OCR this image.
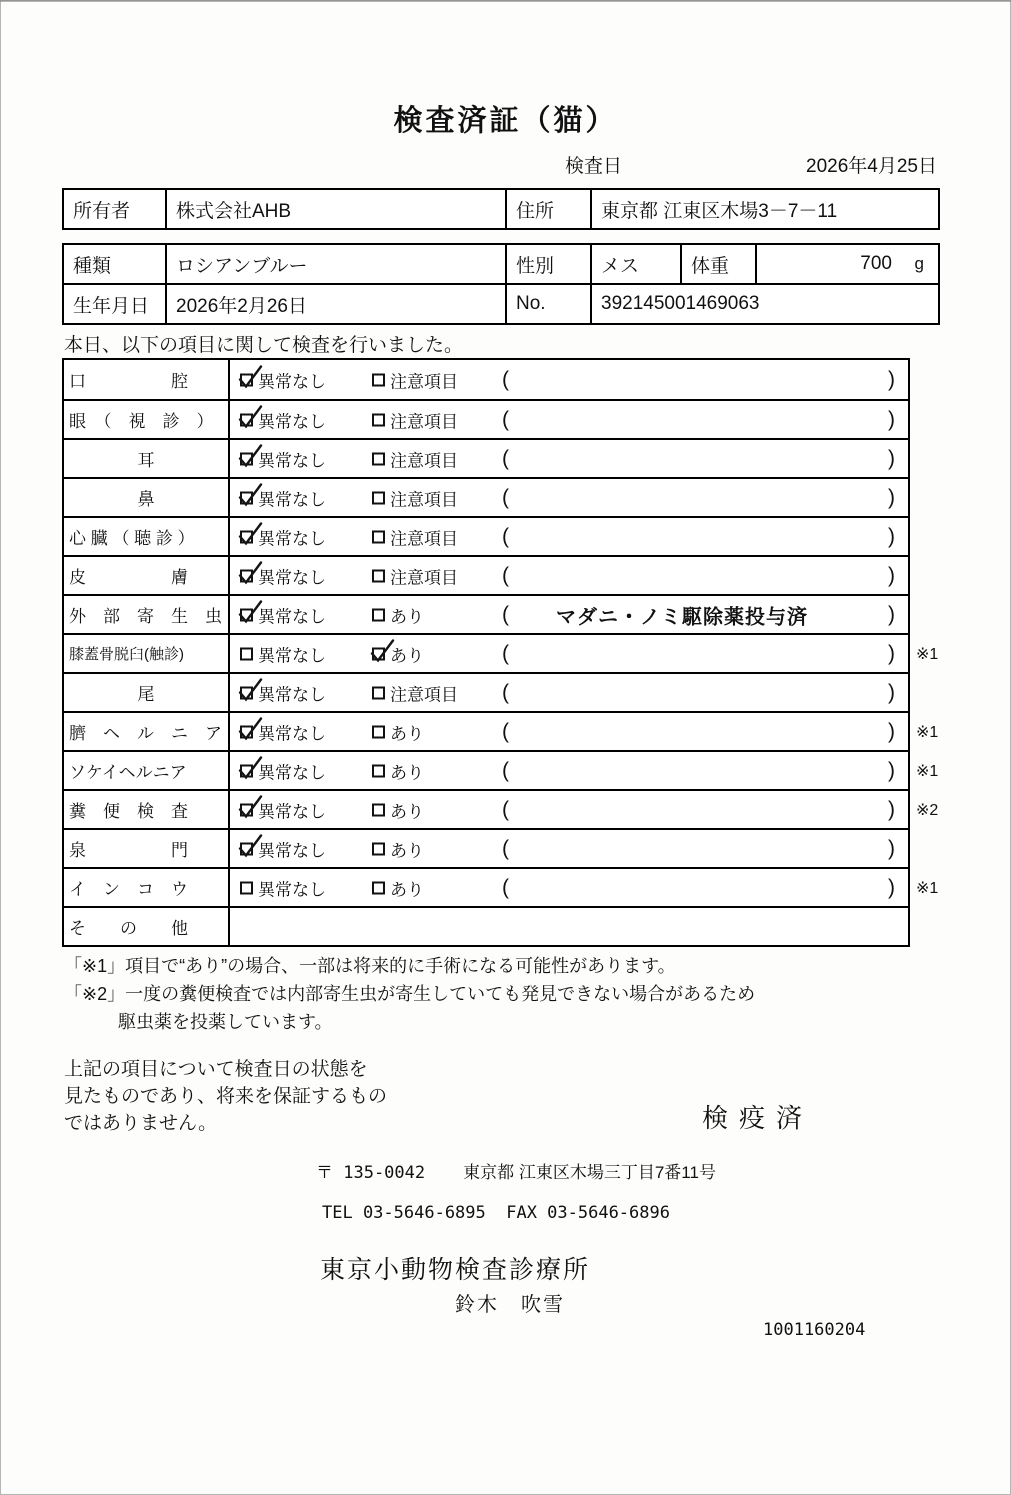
検査済証（猫）
検査日	2026年4月25日
所有者	株式会社AHB	住所	東京都 江東区木場3－7－11
種類	ロシアンブルー	性別	メス	体重	700 g
生年月日	2026年2月26日	No.	392145001469063
本日、以下の項目に関して検査を行いました。
口　　　　　腔	異常なし	注意項目 (	)
眼　（　視　診　）	異常なし	注意項目 (	)
耳	異常なし	注意項目 (	)
鼻	異常なし	注意項目 (	)
心 臓 （ 聴 診 ）	異常なし	注意項目 (	)
皮　　　　　膚	異常なし	注意項目 (	)
外　部　寄　生　虫	異常なし	あり	(	マダニ・ノミ駆除薬投与済	)
膝蓋骨脱臼(触診)	異常なし	あり	(	) ※1
尾	異常なし	注意項目 (	)
臍　ヘ　ル　ニ　ア	異常なし	あり	(	) ※1
ソケイヘルニア	異常なし	あり	(	) ※1
糞　便　検　査	異常なし	あり	(	) ※2
泉　　　　　門	異常なし	あり	(	)
イ　ン　コ　ウ	異常なし	あり	(	) ※1
そ　　の　　他
「※1」項目で“あり”の場合、一部は将来的に手術になる可能性があります。
「※2」一度の糞便検査では内部寄生虫が寄生していても発見できない場合があるため
　　　駆虫薬を投薬しています。
上記の項目について検査日の状態を
見たものであり、将来を保証するもの
ではありません。	検疫済
〒 135-0042 東京都 江東区木場三丁目7番11号
TEL 03-5646-6895  FAX 03-5646-6896
東京小動物検査診療所
鈴木　吹雪
1001160204
